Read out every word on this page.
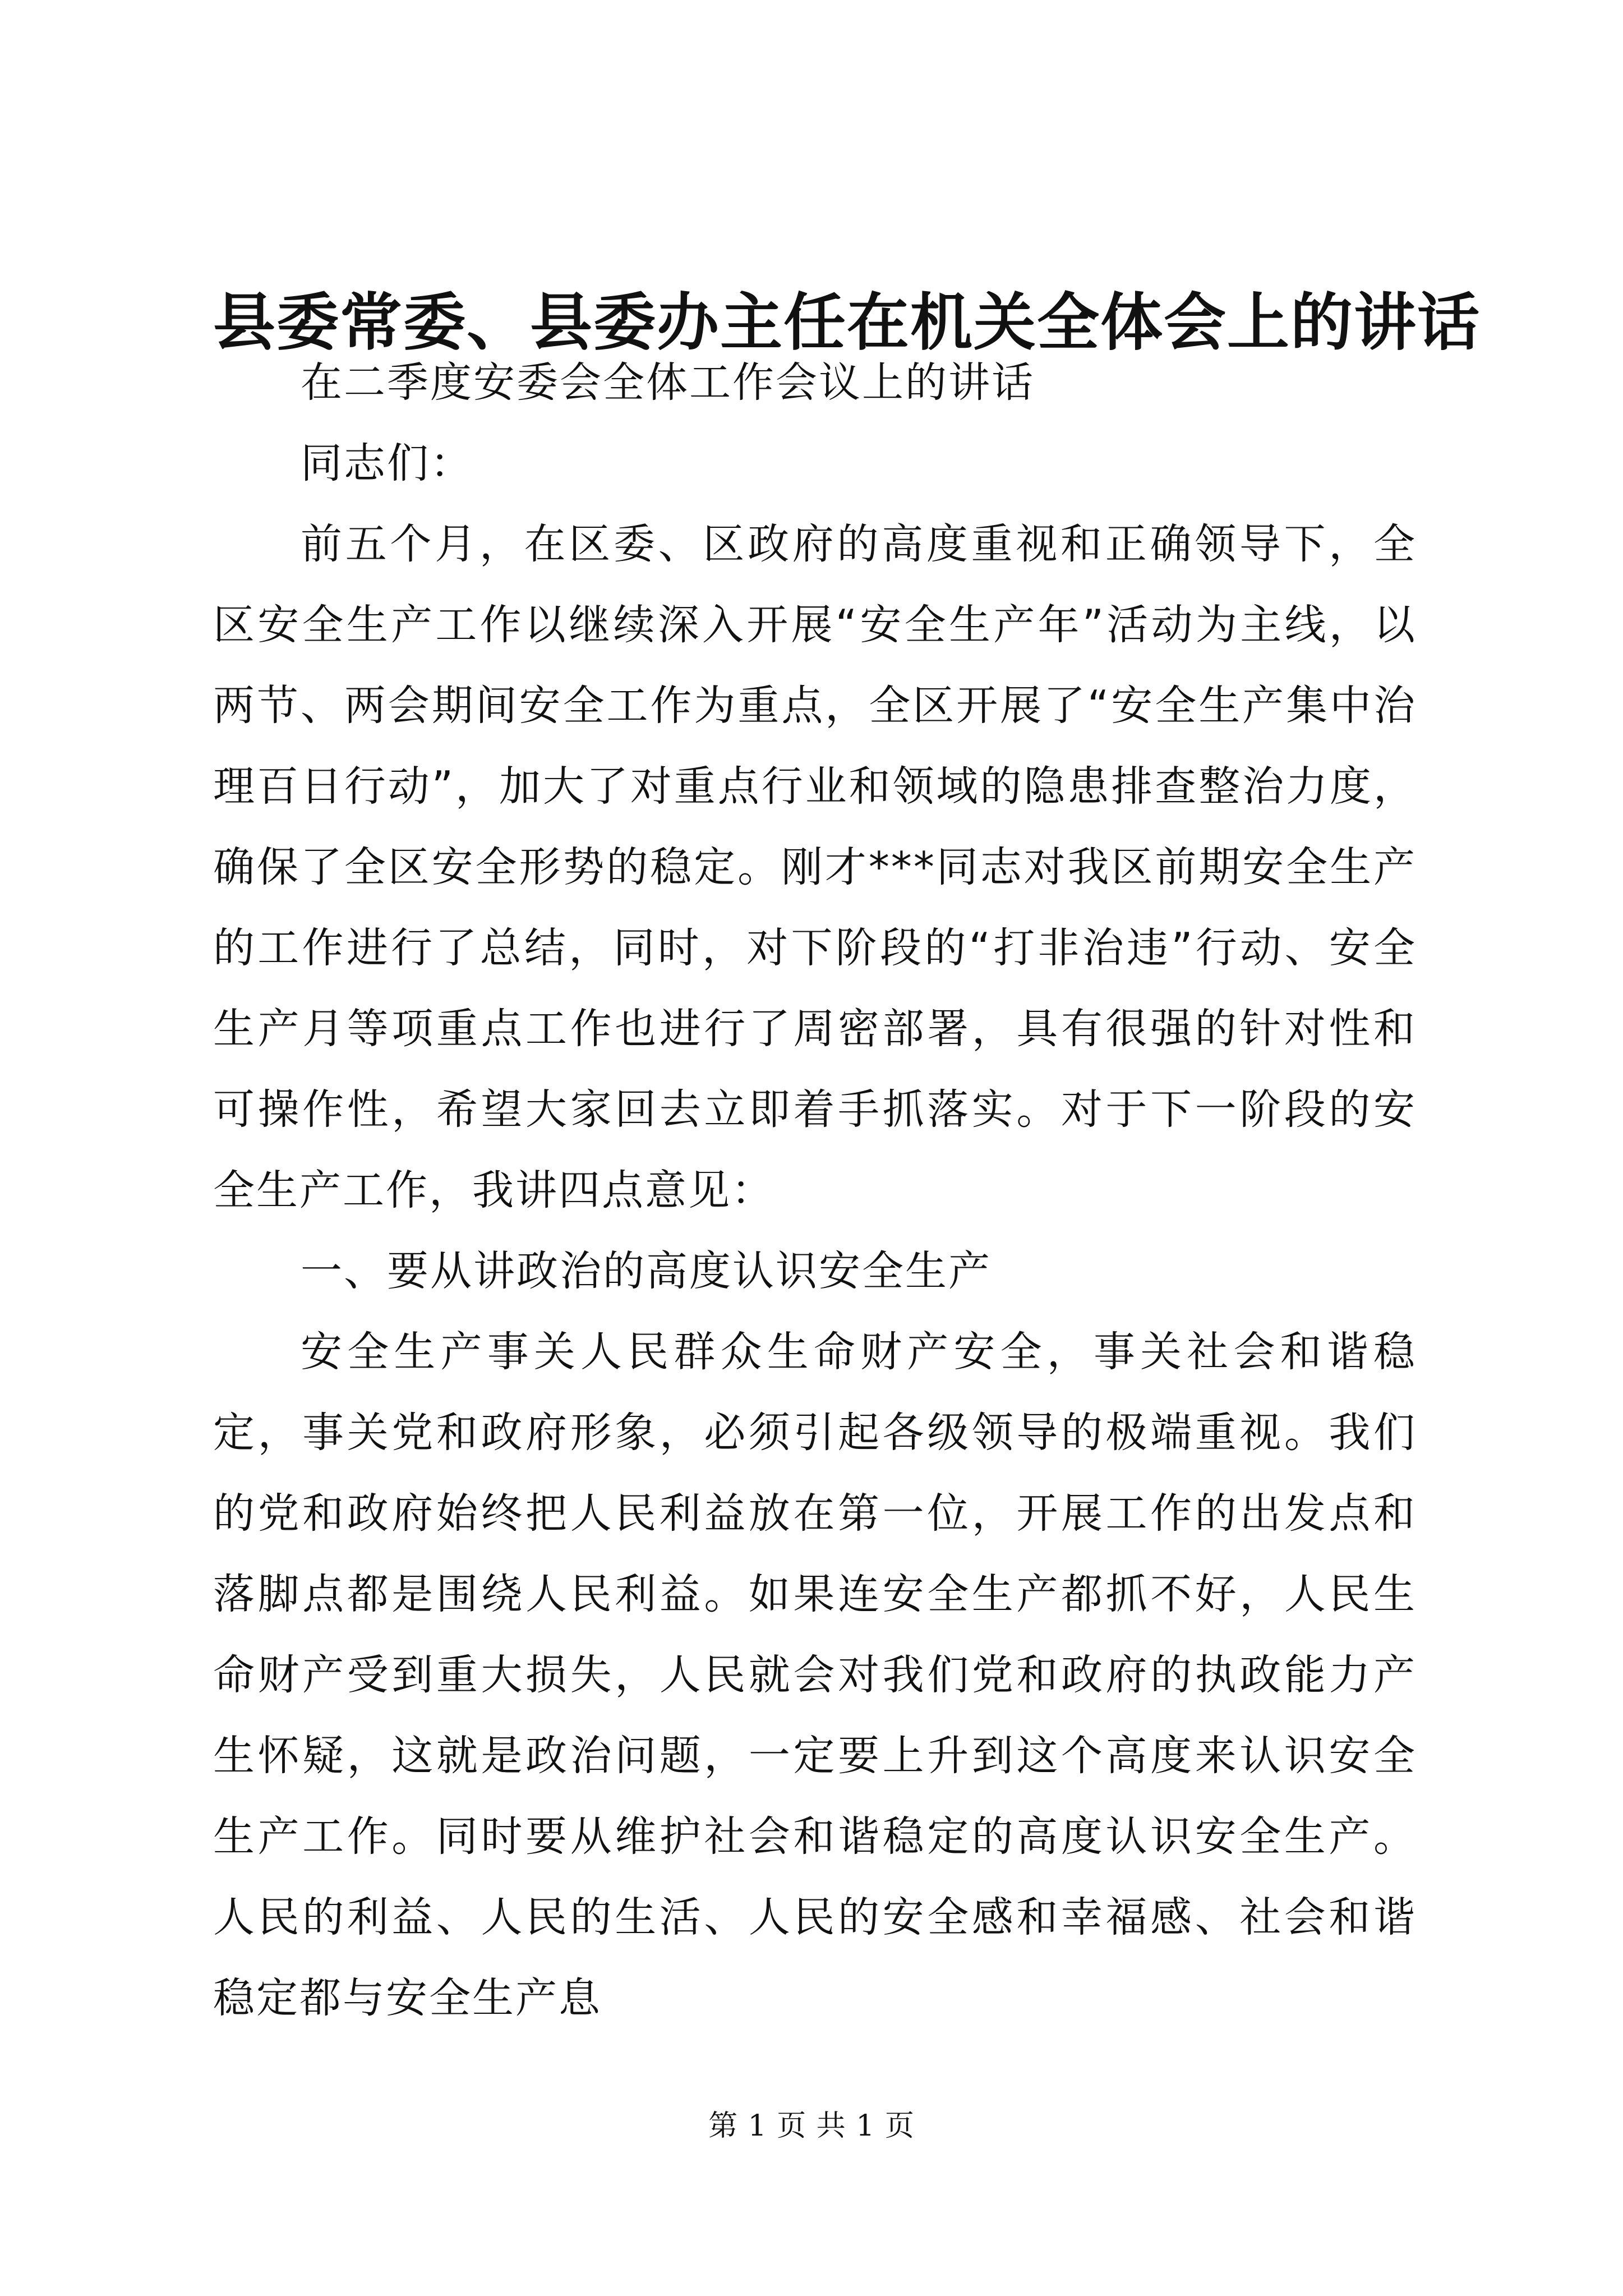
县委常委、县委办主任在机关全体会上的讲话

在二季度安委会全体工作会议上的讲话

同志们：

前五个月，在区委、区政府的高度重视和正确领导下，全区安全生产工作以继续深入开展“安全生产年”活动为主线，以两节、两会期间安全工作为重点，全区开展了“安全生产集中治理百日行动”，加大了对重点行业和领域的隐患排查整治力度，确保了全区安全形势的稳定。刚才***同志对我区前期安全生产的工作进行了总结，同时，对下阶段的“打非治违”行动、安全生产月等项重点工作也进行了周密部署，具有很强的针对性和可操作性，希望大家回去立即着手抓落实。对于下一阶段的安全生产工作，我讲四点意见：

一、要从讲政治的高度认识安全生产

安全生产事关人民群众生命财产安全，事关社会和谐稳定，事关党和政府形象，必须引起各级领导的极端重视。我们的党和政府始终把人民利益放在第一位，开展工作的出发点和落脚点都是围绕人民利益。如果连安全生产都抓不好，人民生命财产受到重大损失，人民就会对我们党和政府的执政能力产生怀疑，这就是政治问题，一定要上升到这个高度来认识安全生产工作。同时要从维护社会和谐稳定的高度认识安全生产。人民的利益、人民的生活、人民的安全感和幸福感、社会和谐稳定都与安全生产息

第 1 页 共 1 页
